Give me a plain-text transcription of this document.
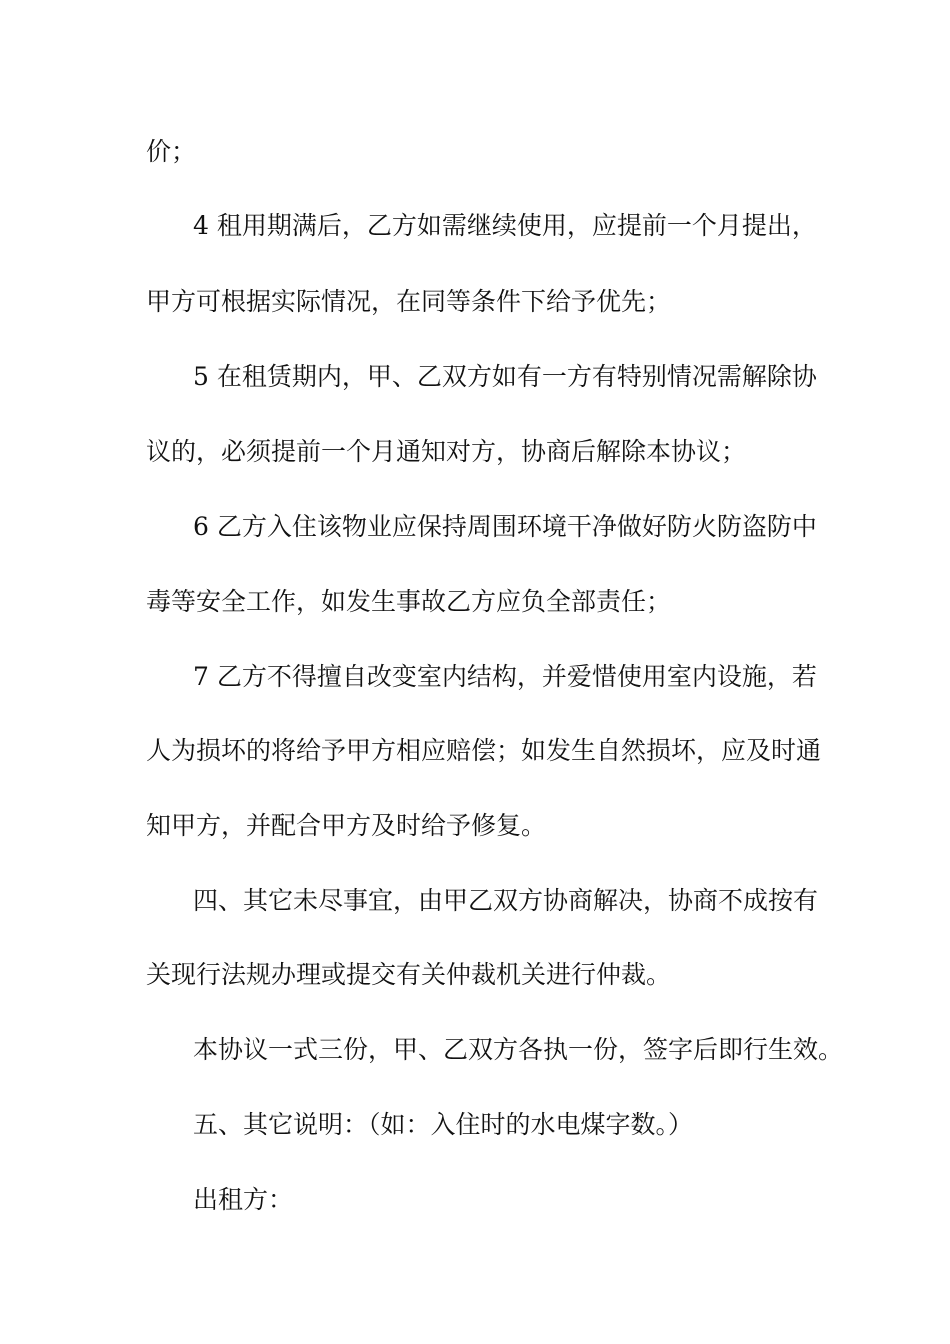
价；
4 租用期满后，乙方如需继续使用，应提前一个月提出，
甲方可根据实际情况，在同等条件下给予优先；
5 在租赁期内，甲、乙双方如有一方有特别情况需解除协
议的，必须提前一个月通知对方，协商后解除本协议；
6 乙方入住该物业应保持周围环境干净做好防火防盗防中
毒等安全工作，如发生事故乙方应负全部责任；
7 乙方不得擅自改变室内结构，并爱惜使用室内设施，若
人为损坏的将给予甲方相应赔偿；如发生自然损坏，应及时通
知甲方，并配合甲方及时给予修复。
四、其它未尽事宜，由甲乙双方协商解决，协商不成按有
关现行法规办理或提交有关仲裁机关进行仲裁。
本协议一式三份，甲、乙双方各执一份，签字后即行生效。
五、其它说明：（如：入住时的水电煤字数。）
出租方：
